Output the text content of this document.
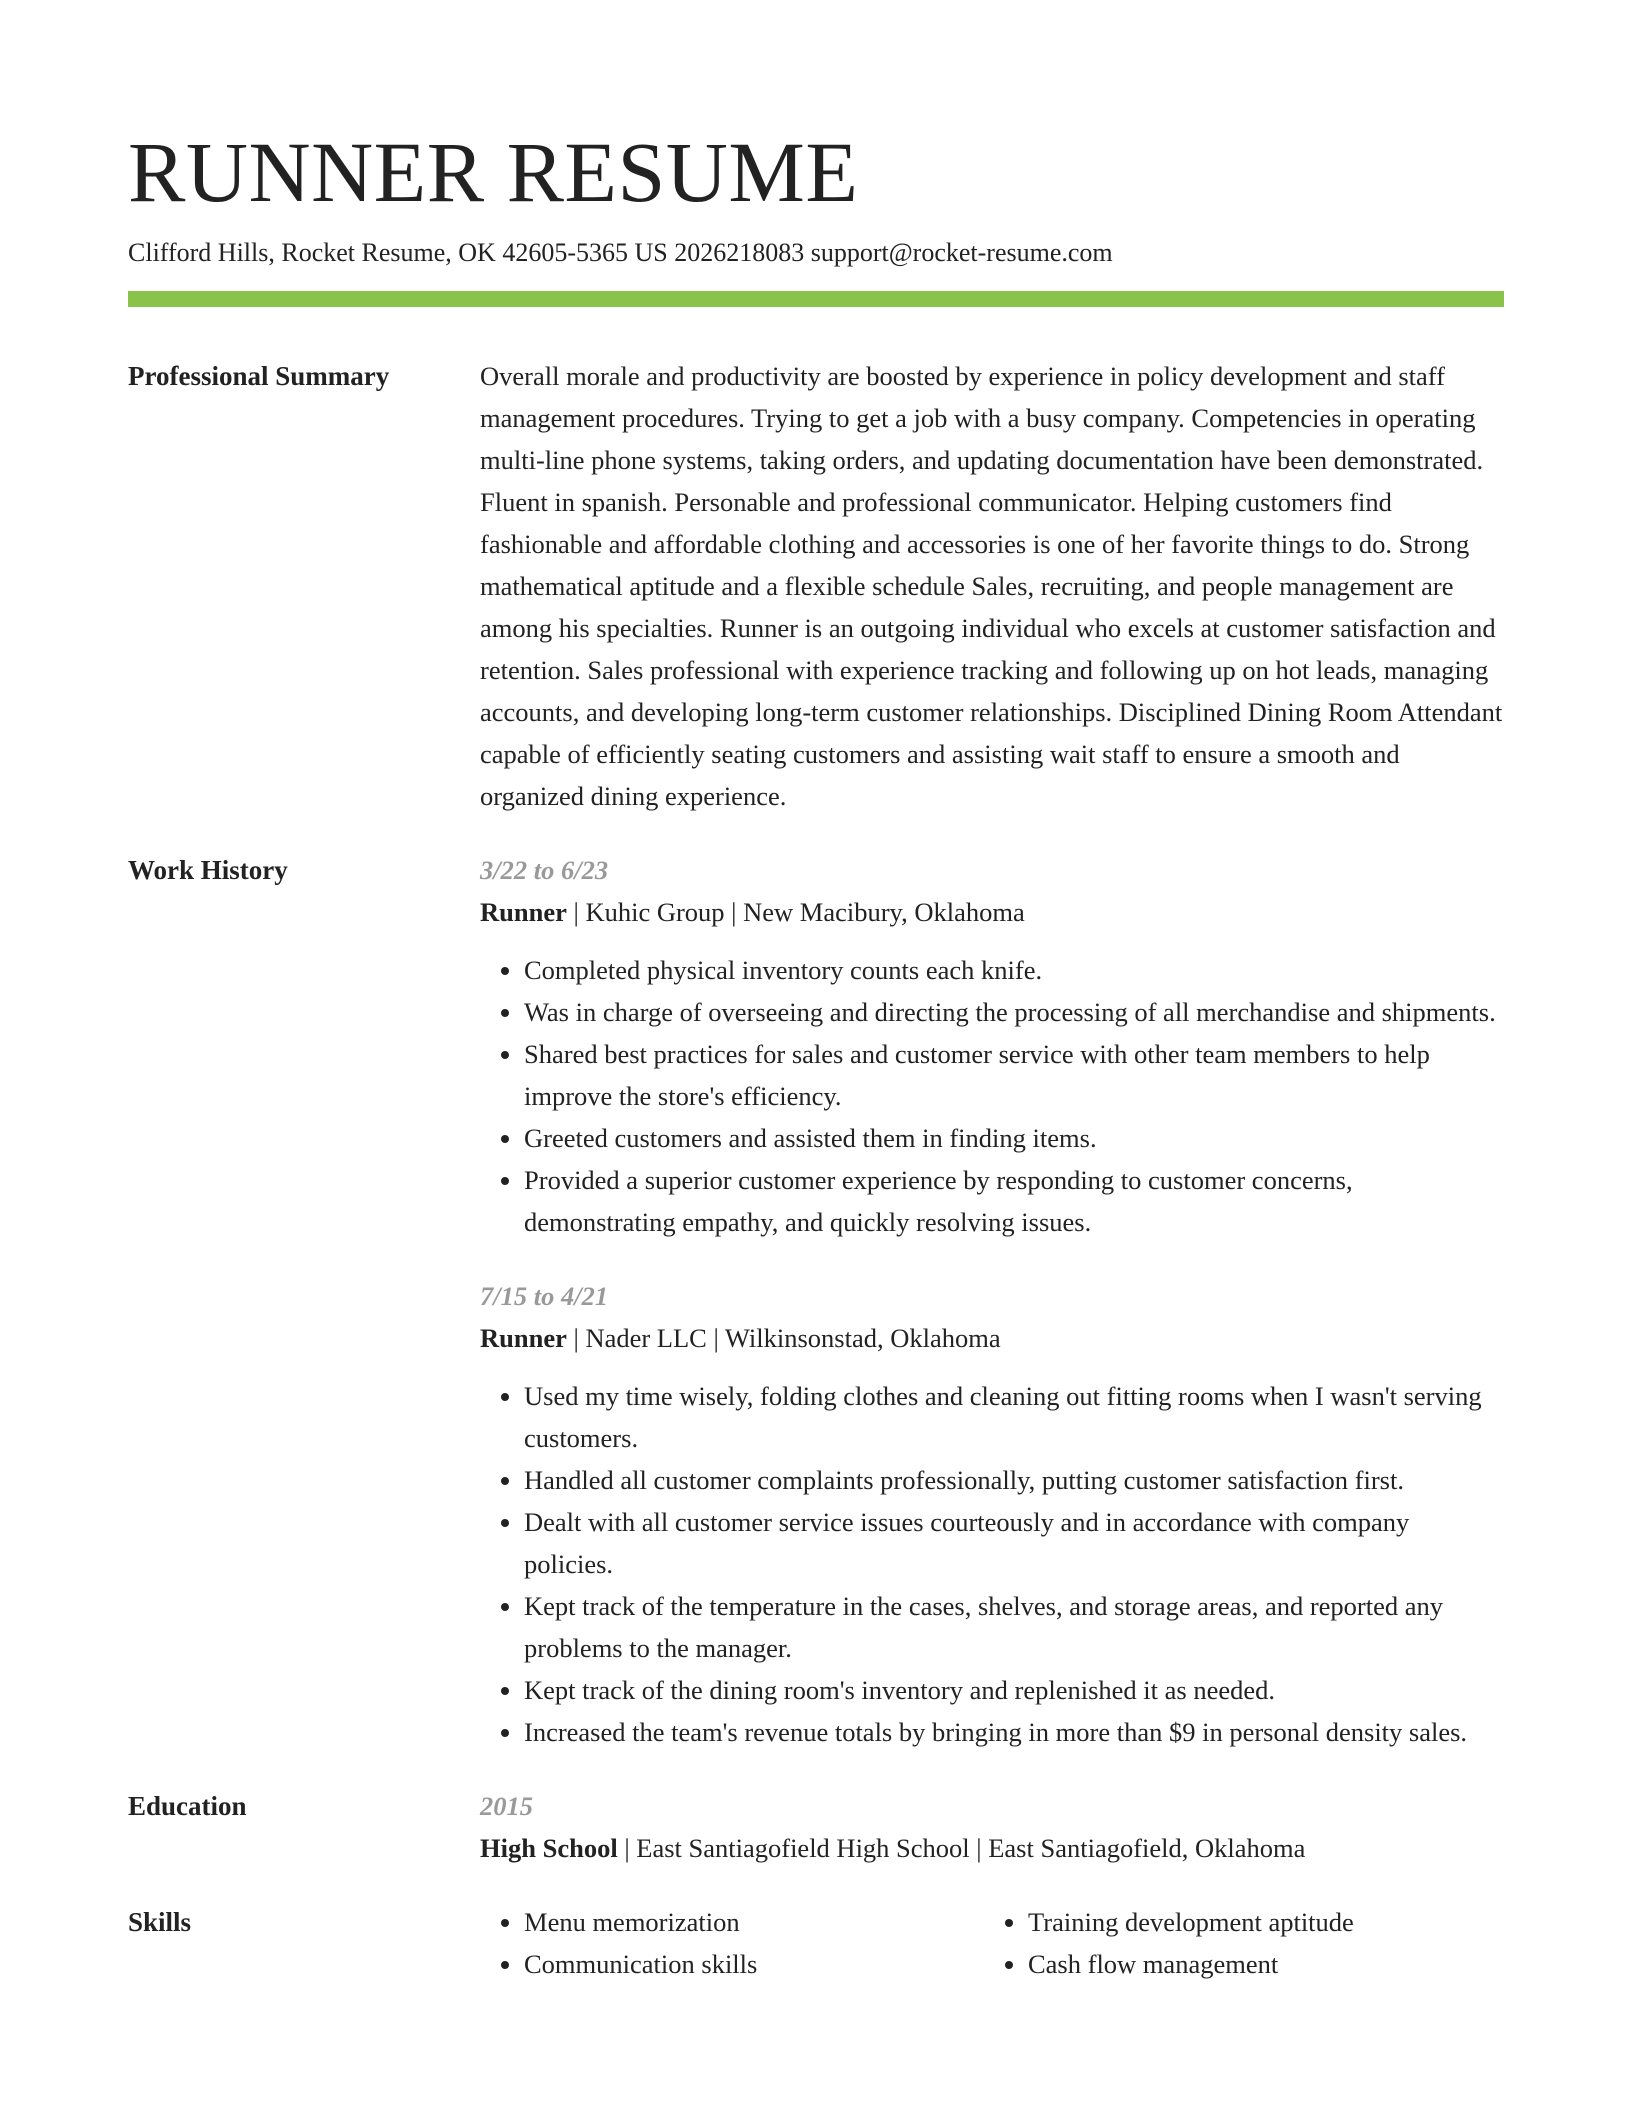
RUNNER RESUME
Clifford Hills, Rocket Resume, OK 42605-5365 US 2026218083 support@rocket-resume.com
Professional Summary	Overall morale and productivity are boosted by experience in policy development and staff management procedures. Trying to get a job with a busy company. Competencies in operating multi-line phone systems, taking orders, and updating documentation have been demonstrated. Fluent in spanish. Personable and professional communicator. Helping customers find fashionable and affordable clothing and accessories is one of her favorite things to do. Strong mathematical aptitude and a flexible schedule Sales, recruiting, and people management are among his specialties. Runner is an outgoing individual who excels at customer satisfaction and retention. Sales professional with experience tracking and following up on hot leads, managing accounts, and developing long-term customer relationships. Disciplined Dining Room Attendant capable of efficiently seating customers and assisting wait staff to ensure a smooth and organized dining experience.
Work History	3/22 to 6/23
Runner | Kuhic Group | New Macibury, Oklahoma
• Completed physical inventory counts each knife.
• Was in charge of overseeing and directing the processing of all merchandise and shipments.
• Shared best practices for sales and customer service with other team members to help improve the store's efficiency.
• Greeted customers and assisted them in finding items.
• Provided a superior customer experience by responding to customer concerns, demonstrating empathy, and quickly resolving issues.
7/15 to 4/21
Runner | Nader LLC | Wilkinsonstad, Oklahoma
• Used my time wisely, folding clothes and cleaning out fitting rooms when I wasn't serving customers.
• Handled all customer complaints professionally, putting customer satisfaction first.
• Dealt with all customer service issues courteously and in accordance with company policies.
• Kept track of the temperature in the cases, shelves, and storage areas, and reported any problems to the manager.
• Kept track of the dining room's inventory and replenished it as needed.
• Increased the team's revenue totals by bringing in more than $9 in personal density sales.
Education	2015
High School | East Santiagofield High School | East Santiagofield, Oklahoma
Skills
•	Menu memorization
• Communication skills
• Training development aptitude
• Cash flow management
